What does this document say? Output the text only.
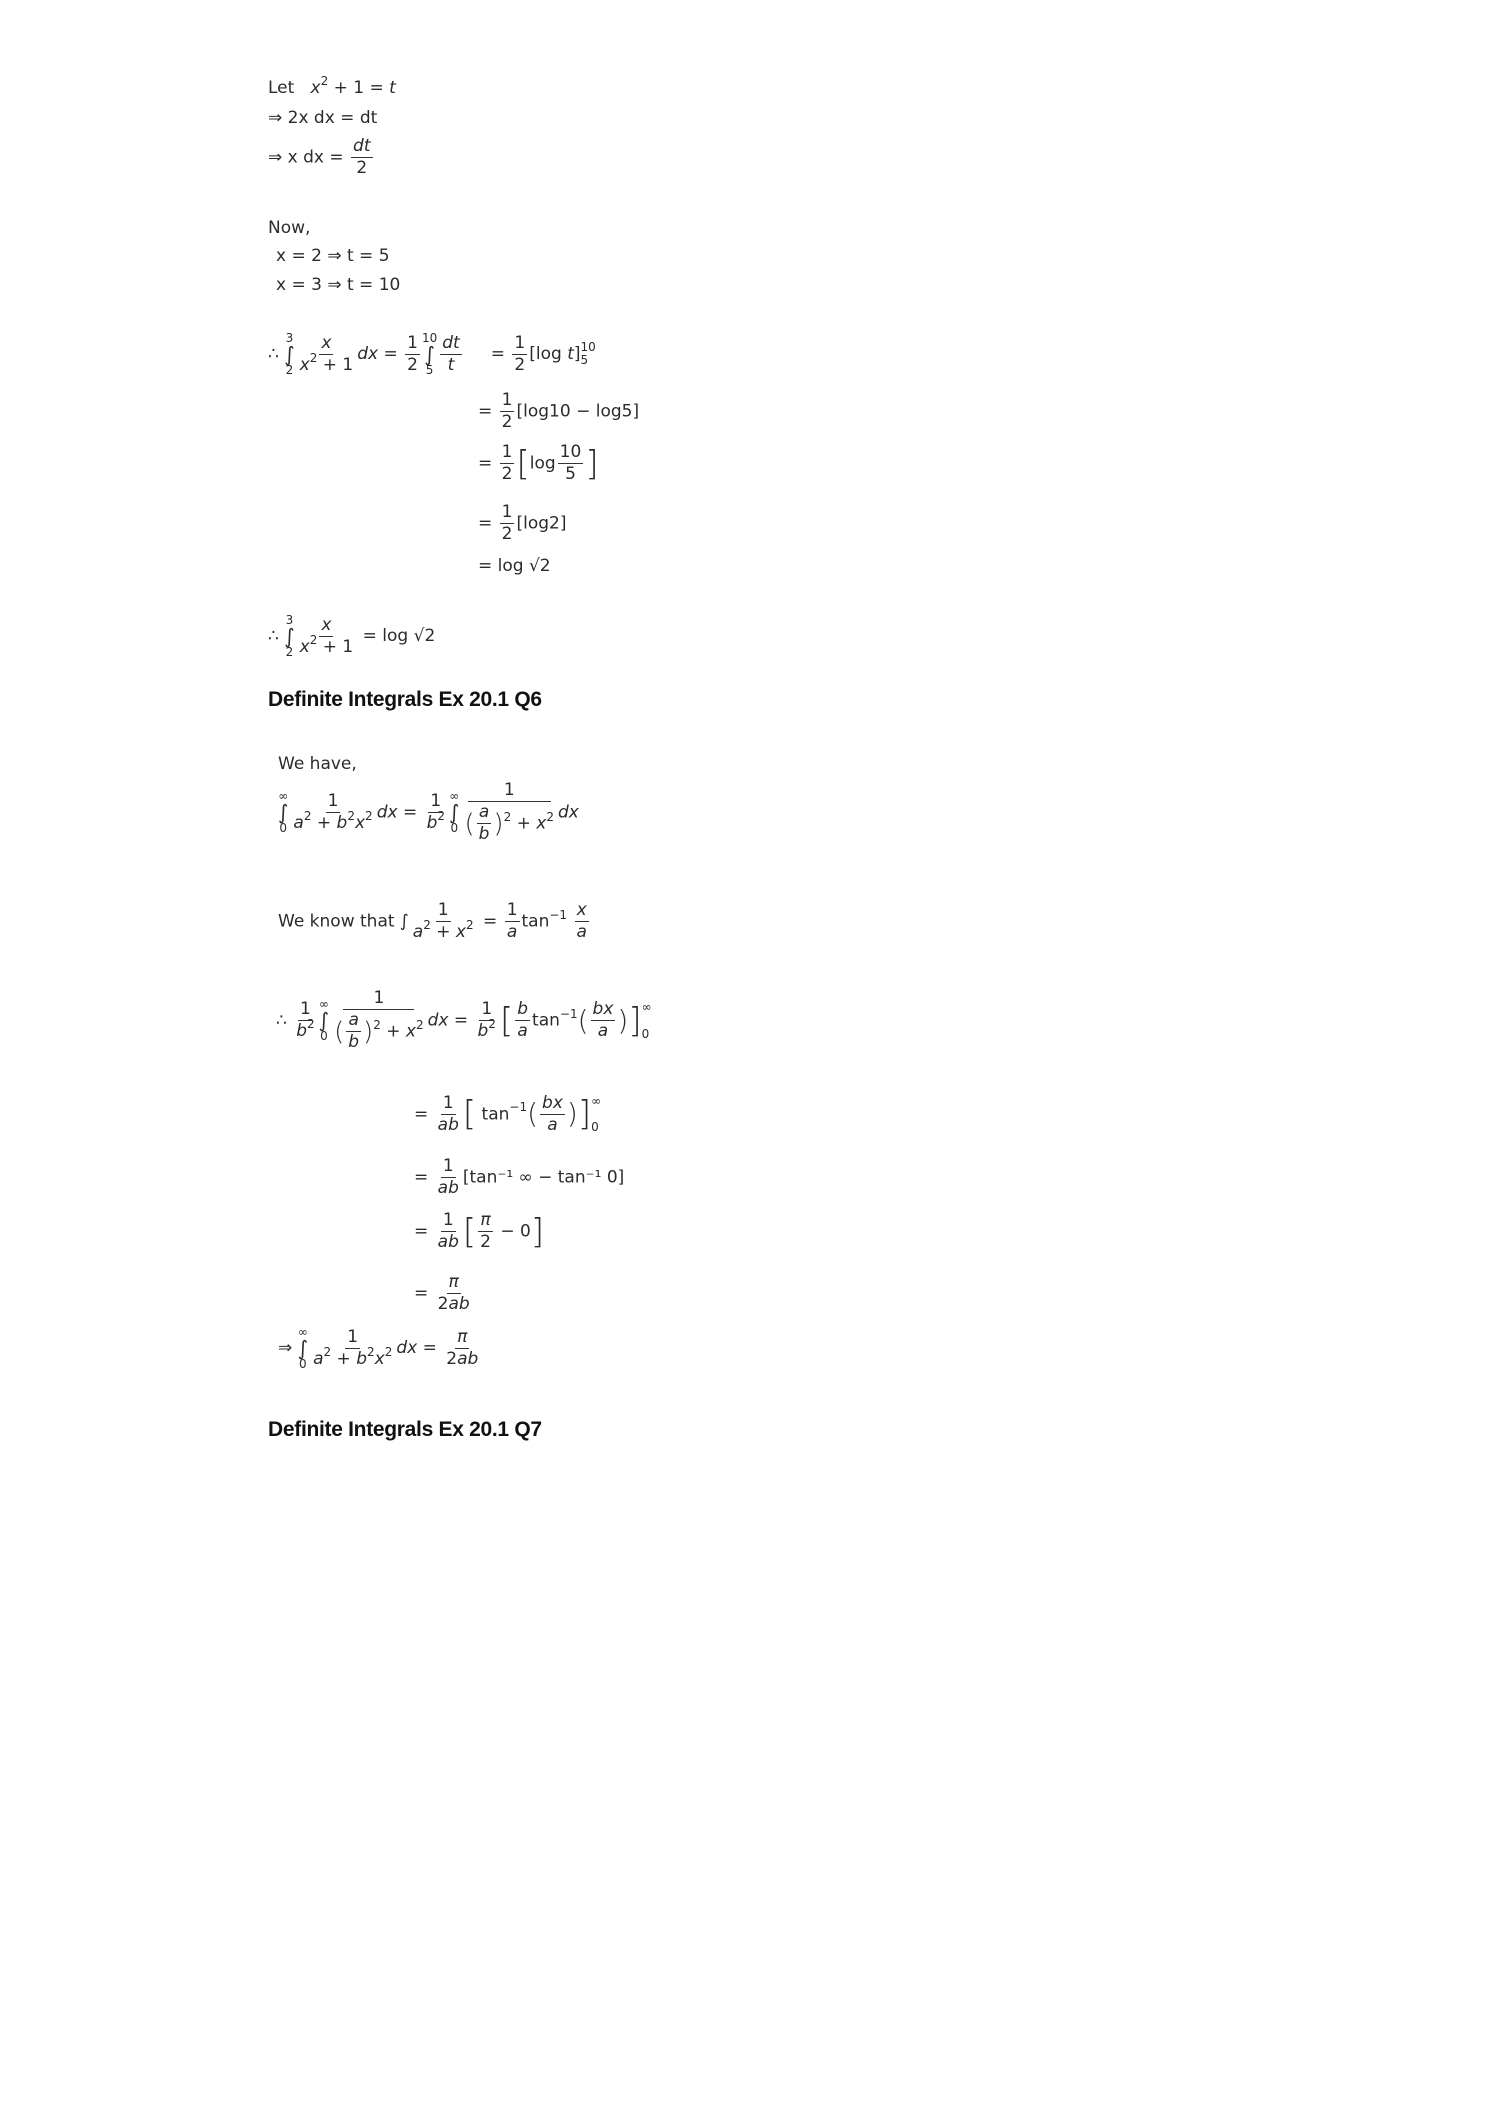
Let $x^2 + 1 = t$
⇒ 2x dx = dt
⇒ x dx = $\frac{dt}{2}$
Now,
x = 2 ⇒ t = 5
x = 3 ⇒ t = 10
∴
3
∫
$2 \frac{x}{x^2 + 1}$ dx = $\frac{1}{2} 10$
∫
$5 \frac{dt}{t} = \frac{1}{2} [\log$ t] 10
5
= $\frac{1}{2} [\log 10 - \log 5]$
= $\frac{1}{2} [\log \frac{10}{5}$ ]
= $\frac{1}{2} [\log 2]$
= log √2
∴
3
∫
$2 \frac{x}{x^2 + 1} = \log √2$
Definite Integrals Ex 20.1 Q6
We have,
∞
∫
$0 \frac{1}{a^2 + b^2x^2}$ dx = $\frac{1}{b^2}$ ∞
∫
$0 \frac{1}{( \frac{a}{b} )^2 + x^2}$ dx
We know that ∫ $\frac{1}{a^2 + x^2} = \frac{1}{a} \tan^{-1} \frac{x}{a}$
∴ $\frac{1}{b^2}$ ∞
∫
$0 \frac{1}{( \frac{a}{b} )^2 + x^2}$ dx = $\frac{1}{b^2}$ [ $\frac{b}{a} \tan^{-1}( \frac{bx}{a}$ )] ∞
0
= $\frac{1}{ab}$ [ $\tan^{-1}( \frac{bx}{a}$ )] ∞
0
= $\frac{1}{ab} [\tan^{-1}$ ∞ − tan⁻¹ 0]
= $\frac{1}{ab}$ [ $\frac{\pi}{2} - 0$]
= $\frac{\pi}{2ab}$
⇒
∞
∫
$0 \frac{1}{a^2 + b^2x^2}$ dx = $\frac{\pi}{2ab}$
Definite Integrals Ex 20.1 Q7
